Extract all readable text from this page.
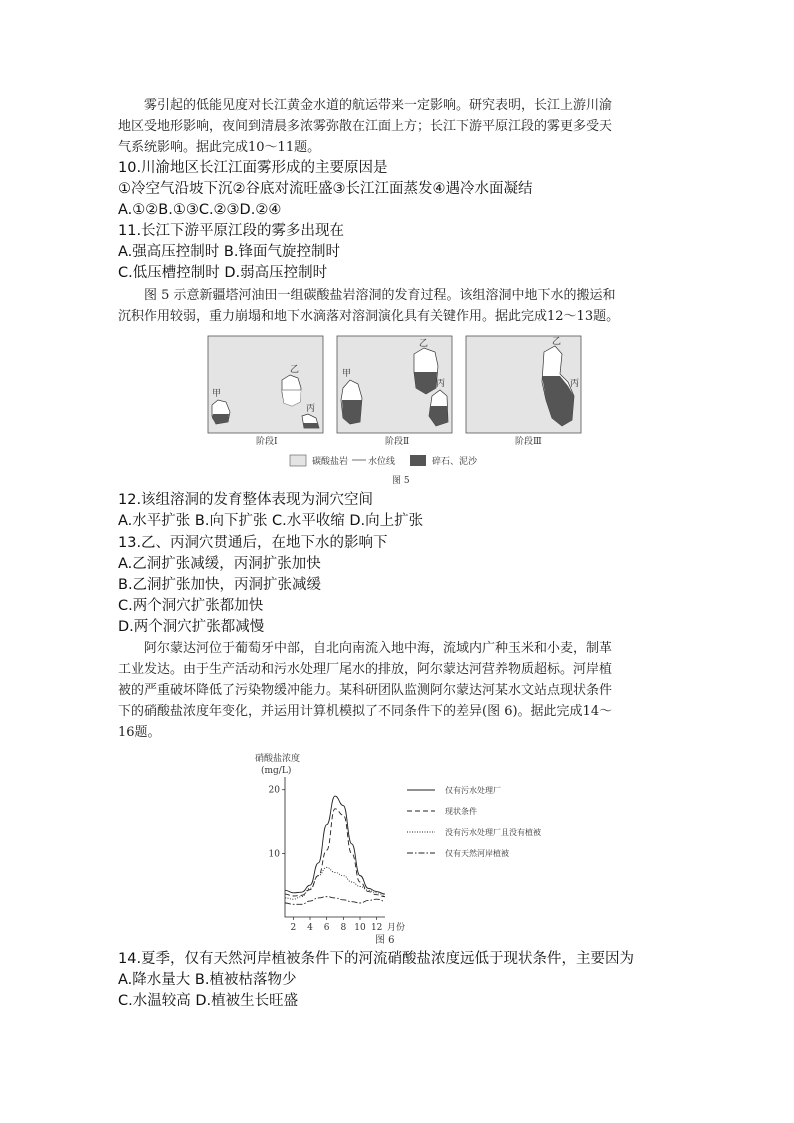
雾引起的低能见度对长江黄金水道的航运带来一定影响。研究表明，长江上游川渝
地区受地形影响，夜间到清晨多浓雾弥散在江面上方；长江下游平原江段的雾更多受天
气系统影响。据此完成10～11题。
10.川渝地区长江江面雾形成的主要原因是
①冷空气沿坡下沉②谷底对流旺盛③长江江面蒸发④遇冷水面凝结
A.①②B.①③C.②③D.②④
11.长江下游平原江段的雾多出现在
A.强高压控制时 B.锋面气旋控制时
C.低压槽控制时 D.弱高压控制时
图 5 示意新疆塔河油田一组碳酸盐岩溶洞的发育过程。该组溶洞中地下水的搬运和
沉积作用较弱，重力崩塌和地下水滴落对溶洞演化具有关键作用。据此完成12～13题。
甲
乙
丙
甲
乙
丙
乙
丙
阶段Ⅰ	阶段Ⅱ	阶段Ⅲ
碳酸盐岩 水位线	碎石、泥沙
图 5
12.该组溶洞的发育整体表现为洞穴空间
A.水平扩张 B.向下扩张 C.水平收缩 D.向上扩张
13.乙、丙洞穴贯通后，在地下水的影响下
A.乙洞扩张减缓，丙洞扩张加快
B.乙洞扩张加快，丙洞扩张减缓
C.两个洞穴扩张都加快
D.两个洞穴扩张都减慢
阿尔蒙达河位于葡萄牙中部，自北向南流入地中海，流域内广种玉米和小麦，制革
工业发达。由于生产活动和污水处理厂尾水的排放，阿尔蒙达河营养物质超标。河岸植
被的严重破坏降低了污染物缓冲能力。某科研团队监测阿尔蒙达河某水文站点现状条件
下的硝酸盐浓度年变化，并运用计算机模拟了不同条件下的差异(图 6)。据此完成14～
16题。
硝酸盐浓度
(mg/L)
10
20
2 4 6 8 10 12 月份
仅有污水处理厂
现状条件
没有污水处理厂且没有植被
仅有天然河岸植被
图 6
14.夏季，仅有天然河岸植被条件下的河流硝酸盐浓度远低于现状条件，主要因为
A.降水量大 B.植被枯落物少
C.水温较高 D.植被生长旺盛
